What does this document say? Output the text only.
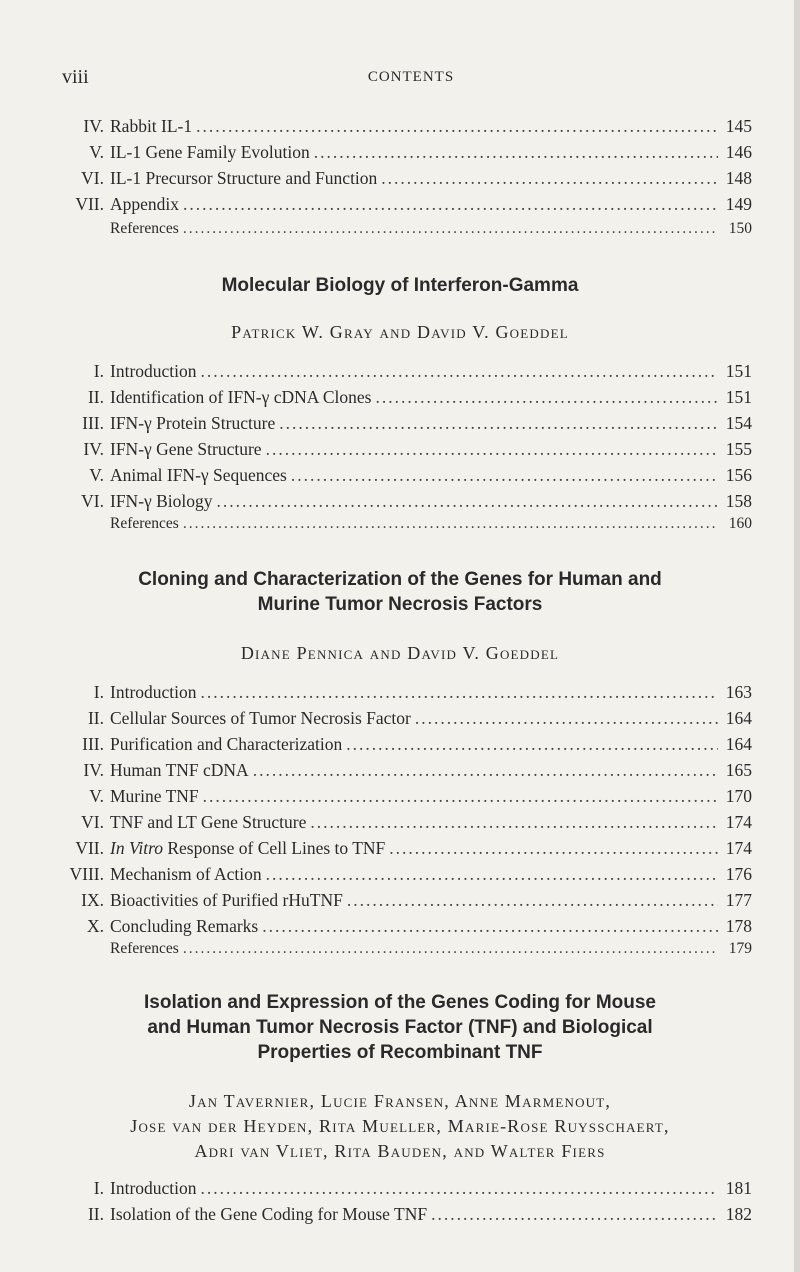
viii	CONTENTS
IV. Rabbit IL-1 .....	145
V. IL-1 Gene Family Evolution .....	146
VI. IL-1 Precursor Structure and Function .....	148
VII. Appendix .....	149
References .....	150
Molecular Biology of Interferon-Gamma
Patrick W. Gray and David V. Goeddel
I. Introduction .....	151
II. Identification of IFN-γ cDNA Clones .....	151
III. IFN-γ Protein Structure .....	154
IV. IFN-γ Gene Structure .....	155
V. Animal IFN-γ Sequences .....	156
VI. IFN-γ Biology .....	158
References .....	160
Cloning and Characterization of the Genes for Human and
Murine Tumor Necrosis Factors
Diane Pennica and David V. Goeddel
I. Introduction .....	163
II. Cellular Sources of Tumor Necrosis Factor .....	164
III. Purification and Characterization .....	164
IV. Human TNF cDNA .....	165
V. Murine TNF .....	170
VI. TNF and LT Gene Structure .....	174
VII. In Vitro Response of Cell Lines to TNF .....	174
VIII. Mechanism of Action .....	176
IX. Bioactivities of Purified rHuTNF .....	177
X. Concluding Remarks .....	178
References .....	179
Isolation and Expression of the Genes Coding for Mouse
and Human Tumor Necrosis Factor (TNF) and Biological
Properties of Recombinant TNF
Jan Tavernier, Lucie Fransen, Anne Marmenout,
Jose van der Heyden, Rita Mueller, Marie-Rose Ruysschaert,
Adri van Vliet, Rita Bauden, and Walter Fiers
I. Introduction .....	181
II. Isolation of the Gene Coding for Mouse TNF .....	182
